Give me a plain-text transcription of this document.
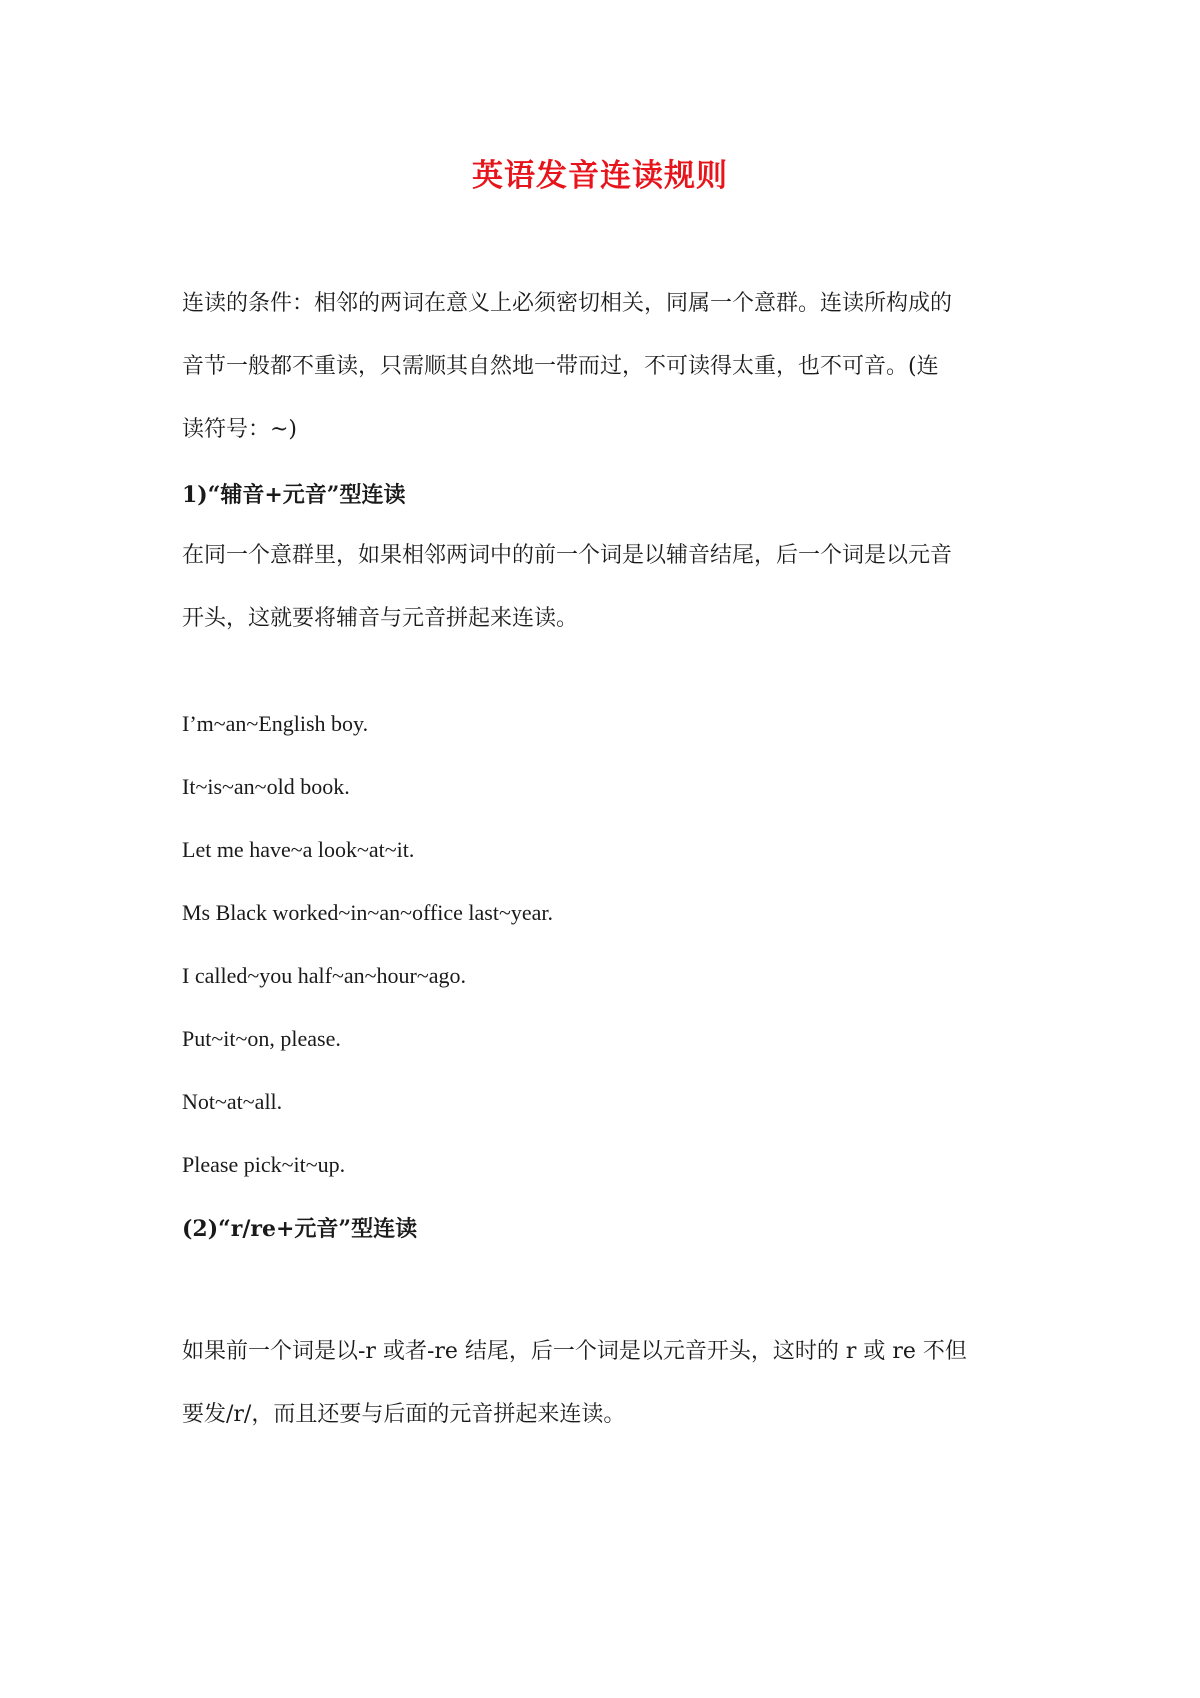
英语发音连读规则
连读的条件：相邻的两词在意义上必须密切相关，同属一个意群。连读所构成的
音节一般都不重读，只需顺其自然地一带而过，不可读得太重，也不可音。(连
读符号：~)
1)“辅音+元音”型连读
在同一个意群里，如果相邻两词中的前一个词是以辅音结尾，后一个词是以元音
开头，这就要将辅音与元音拼起来连读。
I’m~an~English boy.
It~is~an~old book.
Let me have~a look~at~it.
Ms Black worked~in~an~office last~year.
I called~you half~an~hour~ago.
Put~it~on, please.
Not~at~all.
Please pick~it~up.
(2)“r/re+元音”型连读
如果前一个词是以-r 或者-re 结尾，后一个词是以元音开头，这时的 r 或 re 不但
要发/r/，而且还要与后面的元音拼起来连读。
